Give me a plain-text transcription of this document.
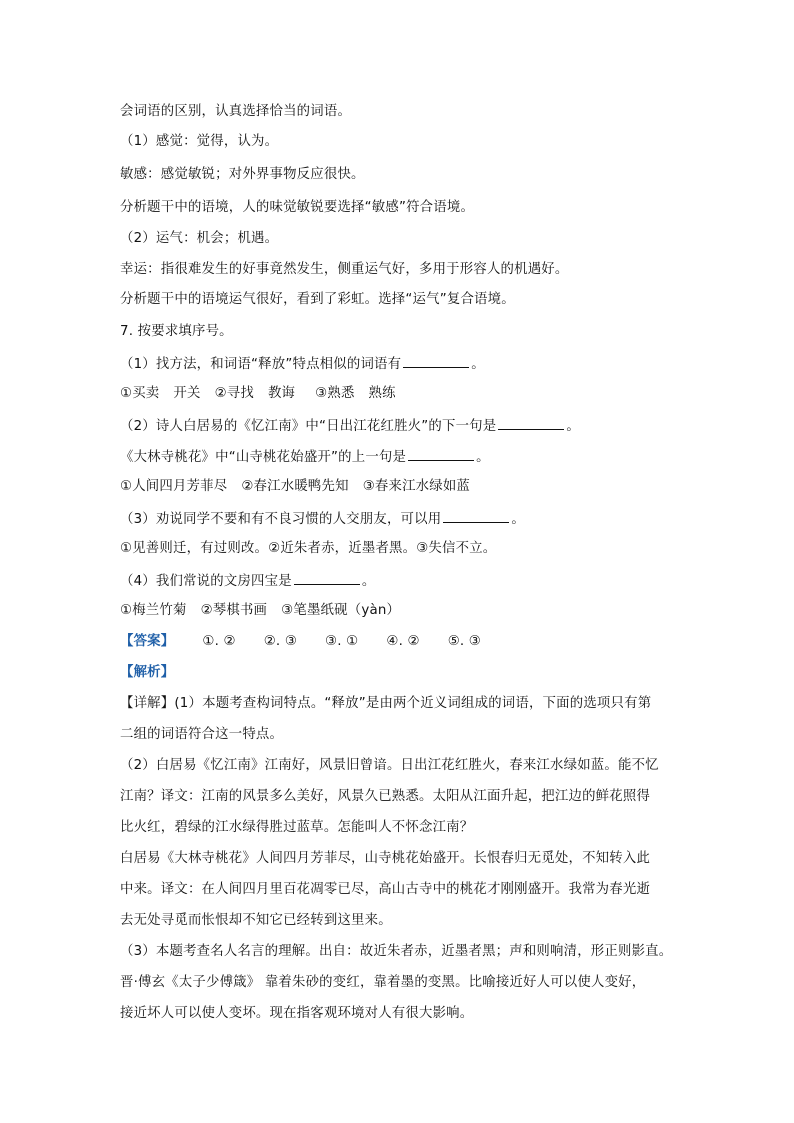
会词语的区别，认真选择恰当的词语。
（1）感觉：觉得，认为。
敏感：感觉敏锐；对外界事物反应很快。
分析题干中的语境，人的味觉敏锐要选择“敏感”符合语境。
（2）运气：机会；机遇。
幸运：指很难发生的好事竟然发生，侧重运气好，多用于形容人的机遇好。
分析题干中的语境运气很好，看到了彩虹。选择“运气”复合语境。
7. 按要求填序号。
（1）找方法，和词语“释放”特点相似的词语有	。
①买卖 开关 ②寻找 教诲 ③熟悉 熟练
（2）诗人白居易的《忆江南》中“日出江花红胜火”的下一句是	。
《大林寺桃花》中“山寺桃花始盛开”的上一句是	。
①人间四月芳菲尽 ②春江水暖鸭先知 ③春来江水绿如蓝
（3）劝说同学不要和有不良习惯的人交朋友，可以用	。
①见善则迁，有过则改。②近朱者赤，近墨者黑。③失信不立。
（4）我们常说的文房四宝是	。
①梅兰竹菊 ②琴棋书画 ③笔墨纸砚（yàn）
【答案】 ①. ② ②. ③ ③. ① ④. ② ⑤. ③
【解析】
【详解】(1）本题考查构词特点。“释放”是由两个近义词组成的词语，下面的选项只有第
二组的词语符合这一特点。
（2）白居易《忆江南》江南好，风景旧曾谙。日出江花红胜火，春来江水绿如蓝。能不忆
江南？译文：江南的风景多么美好，风景久已熟悉。太阳从江面升起，把江边的鲜花照得
比火红，碧绿的江水绿得胜过蓝草。怎能叫人不怀念江南？
白居易《大林寺桃花》人间四月芳菲尽，山寺桃花始盛开。长恨春归无觅处，不知转入此
中来。译文：在人间四月里百花凋零已尽，高山古寺中的桃花才刚刚盛开。我常为春光逝
去无处寻觅而怅恨却不知它已经转到这里来。
（3）本题考查名人名言的理解。出自：故近朱者赤，近墨者黑；声和则响清，形正则影直。
晋·傅玄《太子少傅箴》 靠着朱砂的变红，靠着墨的变黑。比喻接近好人可以使人变好，
接近坏人可以使人变坏。现在指客观环境对人有很大影响。
